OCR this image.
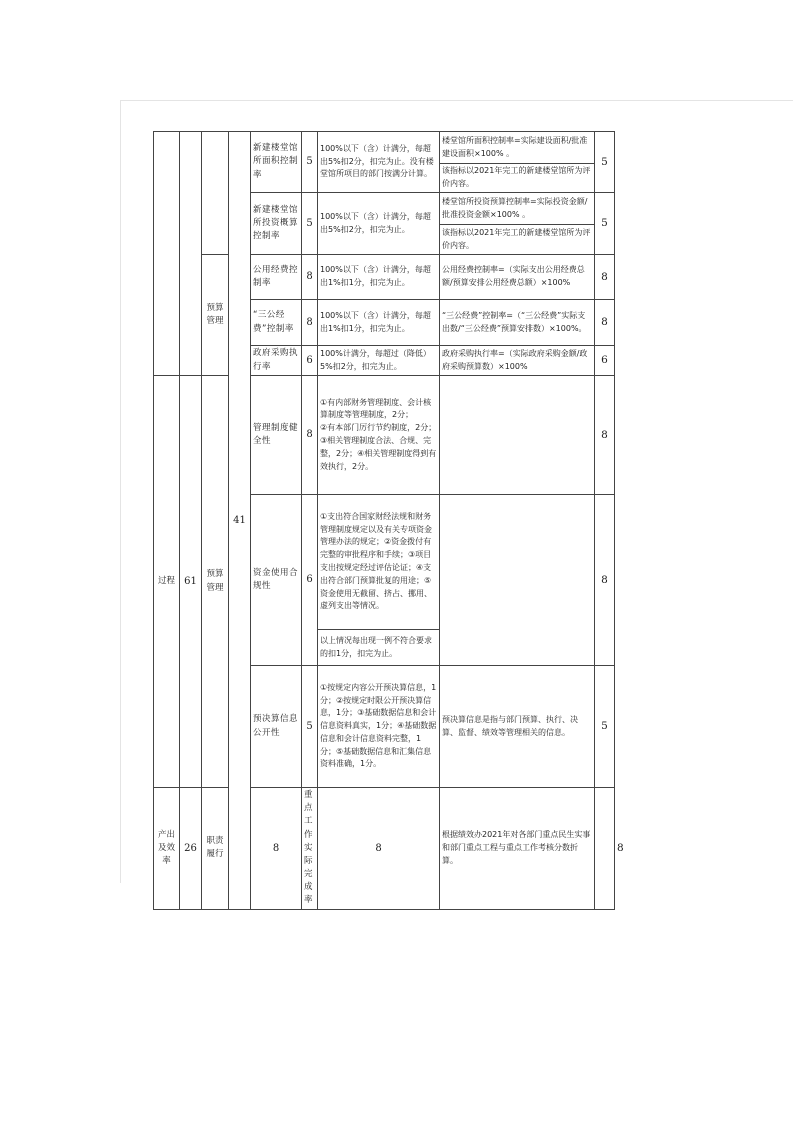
			41	新建楼堂馆所面积控制率	5	100%以下（含）计满分，每超出5%扣2分，扣完为止。没有楼堂馆所项目的部门按满分计算。	楼堂馆所面积控制率=实际建设面积/批准建设面积×100% 。	5	
							该指标以2021年完工的新建楼堂馆所为评价内容。		
				新建楼堂馆所投资概算控制率	5	100%以下（含）计满分，每超出5%扣2分，扣完为止。	楼堂馆所投资预算控制率=实际投资金额/批准投资金额×100% 。	5	
							该指标以2021年完工的新建楼堂馆所为评价内容。		
		预算管理		公用经费控制率	8	100%以下（含）计满分，每超出1%扣1分，扣完为止。	公用经费控制率=（实际支出公用经费总额/预算安排公用经费总额）×100%	8	
				“三公经费”控制率	8	100%以下（含）计满分，每超出1%扣1分，扣完为止。	“三公经费”控制率=（“三公经费”实际支出数/“三公经费”预算安排数）×100%。	8	
				政府采购执行率	6	100%计满分，每超过（降低）5%扣2分，扣完为止。	政府采购执行率=（实际政府采购金额/政府采购预算数）×100%	6	
过程	61	预算管理		管理制度健全性	8	①有内部财务管理制度、会计核算制度等管理制度，2分；
②有本部门厉行节约制度，2分；
③相关管理制度合法、合规、完整，2分；④相关管理制度得到有效执行，2分。		8	
				资金使用合规性	6	①支出符合国家财经法规和财务管理制度规定以及有关专项资金管理办法的规定；②资金拨付有完整的审批程序和手续；③项目支出按规定经过评估论证；④支出符合部门预算批复的用途；⑤资金使用无截留、挤占、挪用、虚列支出等情况。		8	
						以上情况每出现一例不符合要求的扣1分，扣完为止。			
				预决算信息公开性	5	①按规定内容公开预决算信息，1分；②按规定时限公开预决算信息，1分；③基础数据信息和会计信息资料真实，1分；④基础数据信息和会计信息资料完整，1分；⑤基础数据信息和汇集信息资料准确，1分。	预决算信息是指与部门预算、执行、决算、监督、绩效等管理相关的信息。	5	
产出及效率	26	职责履行		8	重点工作实际完成率	8	根据绩效办2021年对各部门重点民生实事和部门重点工程与重点工作考核分数折算。		8
